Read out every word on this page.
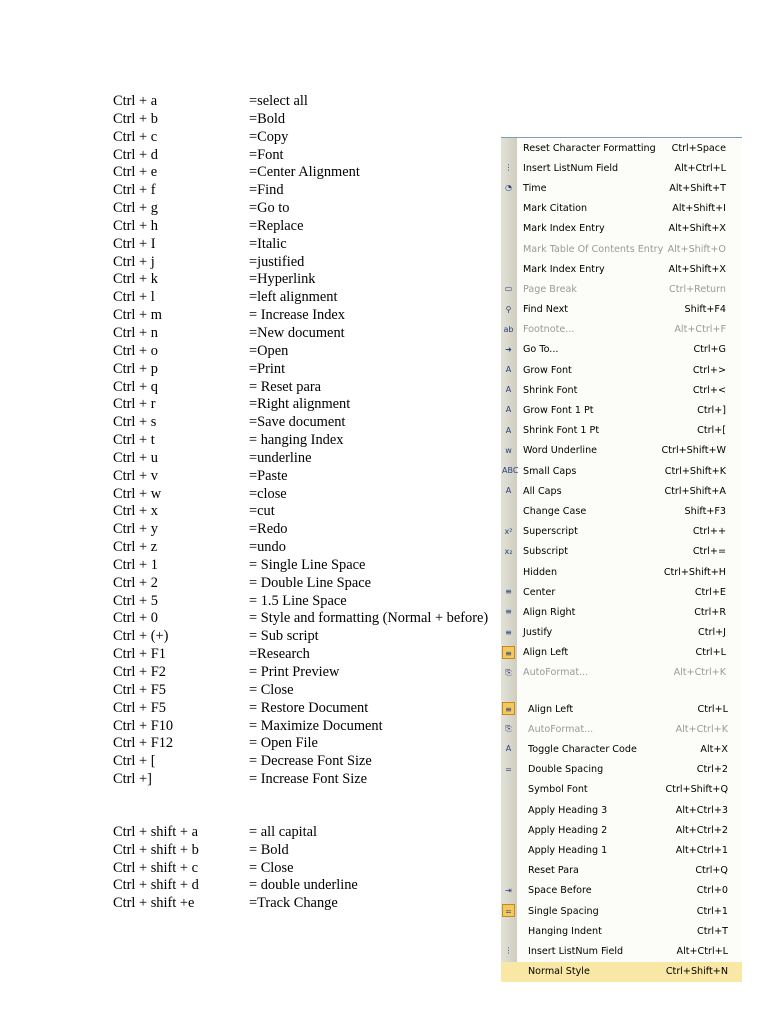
Ctrl + a	=select all
Ctrl + b	=Bold
Ctrl + c	=Copy
Ctrl + d	=Font
Ctrl + e	=Center Alignment
Ctrl + f	=Find
Ctrl + g	=Go to
Ctrl + h	=Replace
Ctrl + I	=Italic
Ctrl + j	=justified
Ctrl + k	=Hyperlink
Ctrl + l	=left alignment
Ctrl + m	= Increase Index
Ctrl + n	=New document
Ctrl + o	=Open
Ctrl + p	=Print
Ctrl + q	= Reset para
Ctrl + r	=Right alignment
Ctrl + s	=Save document
Ctrl + t	= hanging Index
Ctrl + u	=underline
Ctrl + v	=Paste
Ctrl + w	=close
Ctrl + x	=cut
Ctrl + y	=Redo
Ctrl + z	=undo
Ctrl + 1	= Single Line Space
Ctrl + 2	= Double Line Space
Ctrl + 5	= 1.5 Line Space
Ctrl + 0	= Style and formatting (Normal + before)
Ctrl + (+)	= Sub script
Ctrl + F1	=Research
Ctrl + F2	= Print Preview
Ctrl + F5	= Close
Ctrl + F5	= Restore Document
Ctrl + F10	= Maximize Document
Ctrl + F12	= Open File
Ctrl + [	= Decrease Font Size
Ctrl +]	= Increase Font Size
Ctrl + shift + a	= all capital
Ctrl + shift + b	= Bold
Ctrl + shift + c	= Close
Ctrl + shift + d	= double underline
Ctrl + shift +e	=Track Change
Reset Character Formatting Ctrl+Space
⋮ Insert ListNum Field	Alt+Ctrl+L
◔	Time	Alt+Shift+T
Mark Citation	Alt+Shift+I
Mark Index Entry	Alt+Shift+X
Mark Table Of Contents Entry Alt+Shift+O
Mark Index Entry	Alt+Shift+X
▭ Page Break	Ctrl+Return
⚲	Find Next	Shift+F4
ab Footnote...	Alt+Ctrl+F
➜	Go To...	Ctrl+G
A	Grow Font	Ctrl+>
A	Shrink Font	Ctrl+<
A	Grow Font 1 Pt	Ctrl+]
A	Shrink Font 1 Pt	Ctrl+[
w	Word Underline	Ctrl+Shift+W
ABC Small Caps	Ctrl+Shift+K
A	All Caps	Ctrl+Shift+A
Change Case	Shift+F3
x² Superscript	Ctrl++
x₂ Subscript	Ctrl+=
Hidden	Ctrl+Shift+H
≡	Center	Ctrl+E
≡	Align Right	Ctrl+R
≡	Justify	Ctrl+J
≡	Align Left	Ctrl+L
⎘	AutoFormat...	Alt+Ctrl+K
≡	Align Left	Ctrl+L
⎘	AutoFormat...	Alt+Ctrl+K
A	Toggle Character Code	Alt+X
=	Double Spacing	Ctrl+2
Symbol Font	Ctrl+Shift+Q
Apply Heading 3	Alt+Ctrl+3
Apply Heading 2	Alt+Ctrl+2
Apply Heading 1	Alt+Ctrl+1
Reset Para	Ctrl+Q
⇥	Space Before	Ctrl+0
=	Single Spacing	Ctrl+1
Hanging Indent	Ctrl+T
⋮ Insert ListNum Field	Alt+Ctrl+L
Normal Style	Ctrl+Shift+N
